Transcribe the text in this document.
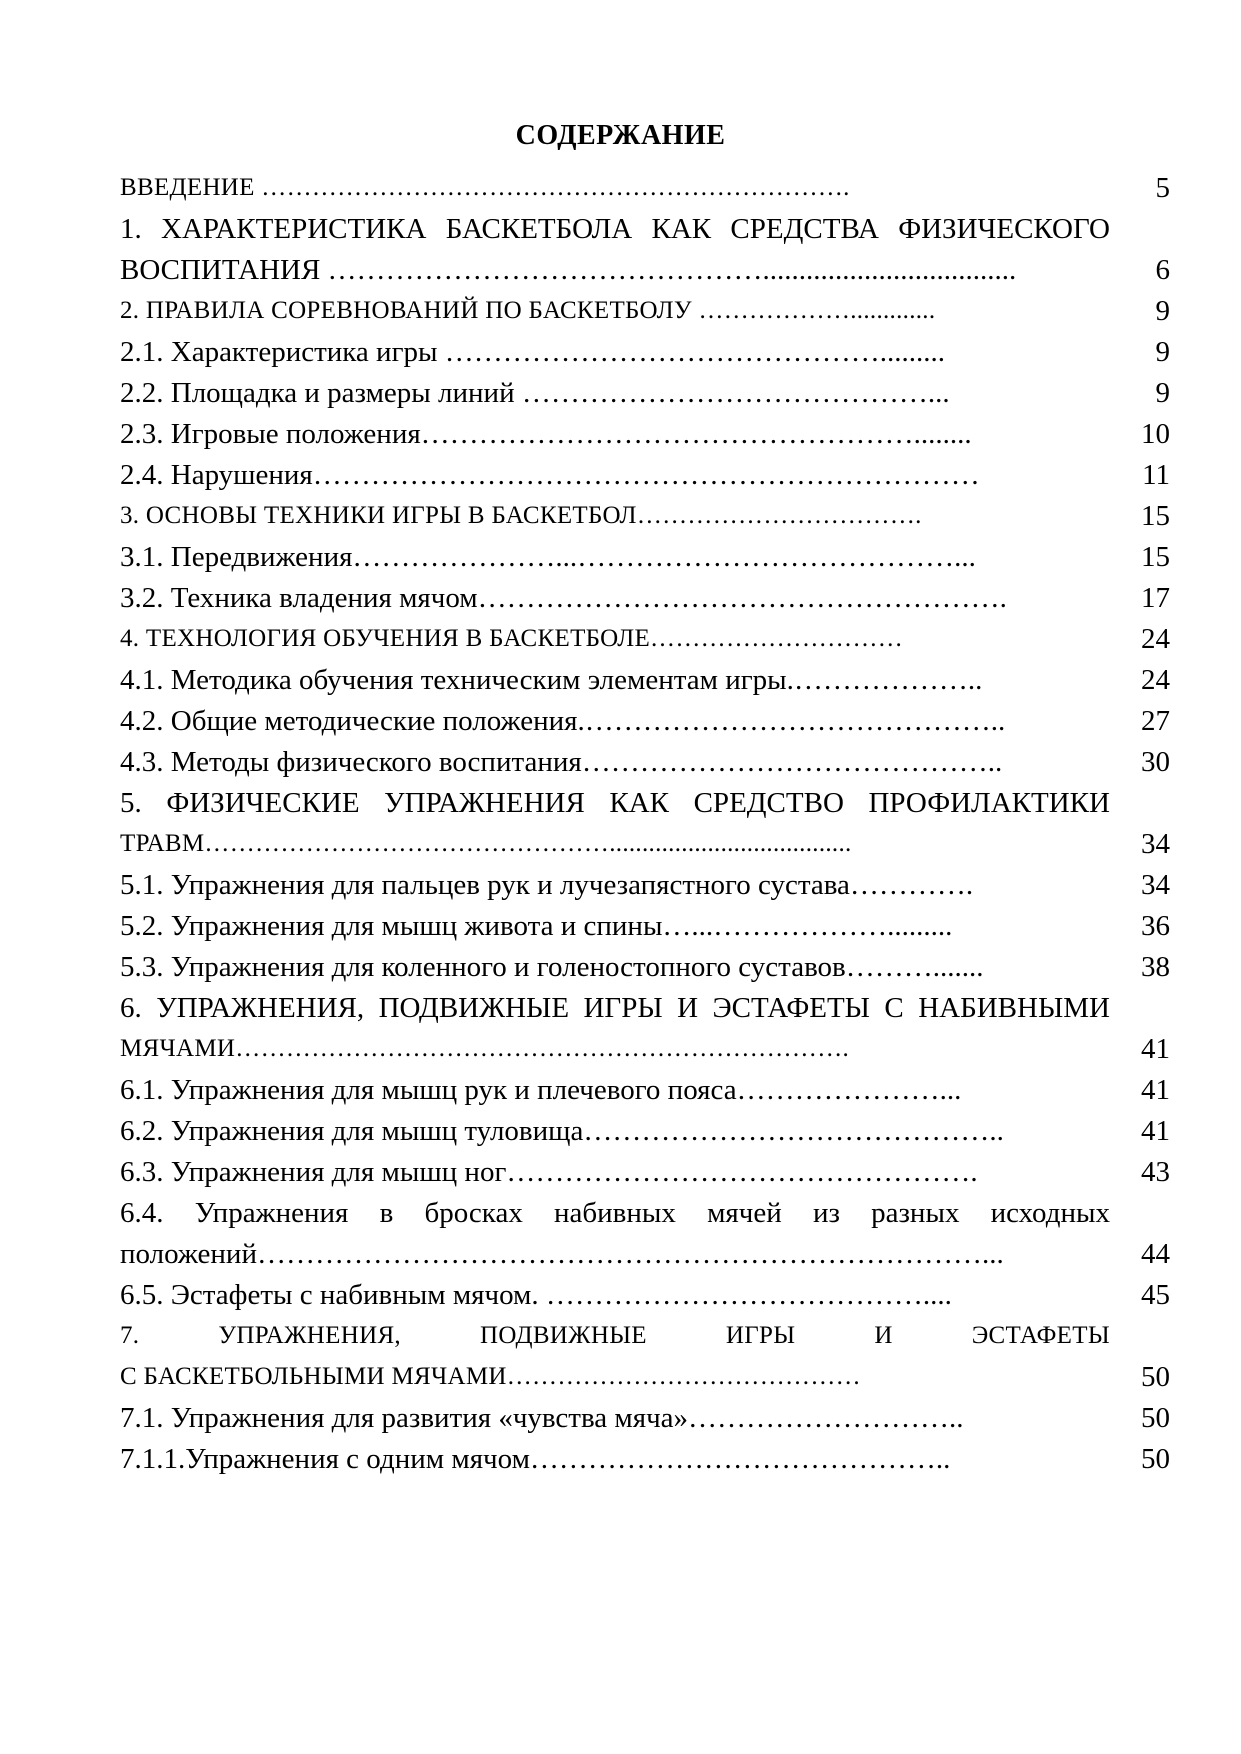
СОДЕРЖАНИЕ
ВВЕДЕНИЕ …………………………………………………………….	5
1. ХАРАКТЕРИСТИКА БАСКЕТБОЛА КАК СРЕДСТВА ФИЗИЧЕСКОГО
ВОСПИТАНИЯ ………………………………………...................................	6
2. ПРАВИЛА СОРЕВНОВАНИЙ ПО БАСКЕТБОЛУ ……………….............	9
2.1. Характеристика игры ……………………………………….........	9
2.2. Площадка и размеры линий ……………………………………...	9
2.3. Игровые положения……………………………………………........	10
2.4. Нарушения……………………………………………………………	11
3. ОСНОВЫ ТЕХНИКИ ИГРЫ В БАСКЕТБОЛ…………………………….	15
3.1. Передвижения…………………...…………………………………...	15
3.2. Техника владения мячом……………………………………………….	17
4. ТЕХНОЛОГИЯ ОБУЧЕНИЯ В БАСКЕТБОЛЕ…………………………	24
4.1. Методика обучения техническим элементам игры.………………..	24
4.2. Общие методические положения.……………………………………..	27
4.3. Методы физического воспитания……………………………………..	30
5. ФИЗИЧЕСКИЕ УПРАЖНЕНИЯ КАК СРЕДСТВО ПРОФИЛАКТИКИ
ТРАВМ………………………………………….....................................	34
5.1. Упражнения для пальцев рук и лучезапястного сустава………….	34
5.2. Упражнения для мышц живота и спины…...……………….........	36
5.3. Упражнения для коленного и голеностопного суставов……….......	38
6. УПРАЖНЕНИЯ, ПОДВИЖНЫЕ ИГРЫ И ЭСТАФЕТЫ С НАБИВНЫМИ
МЯЧАМИ……………………………………………………………….	41
6.1. Упражнения для мышц рук и плечевого пояса…………………...	41
6.2. Упражнения для мышц туловища……………………………………..	41
6.3. Упражнения для мышц ног………………………………………….	43
6.4. Упражнения в бросках набивных мячей из разных исходных
положений…………………………………………………………………...	44
6.5. Эстафеты с набивным мячом. …………………………………....	45
7.	УПРАЖНЕНИЯ,	ПОДВИЖНЫЕ	ИГРЫ	И	ЭСТАФЕТЫ
С БАСКЕТБОЛЬНЫМИ МЯЧАМИ……………………………………	50
7.1. Упражнения для развития «чувства мяча»………………………..	50
7.1.1.Упражнения с одним мячом……………………………………..	50
